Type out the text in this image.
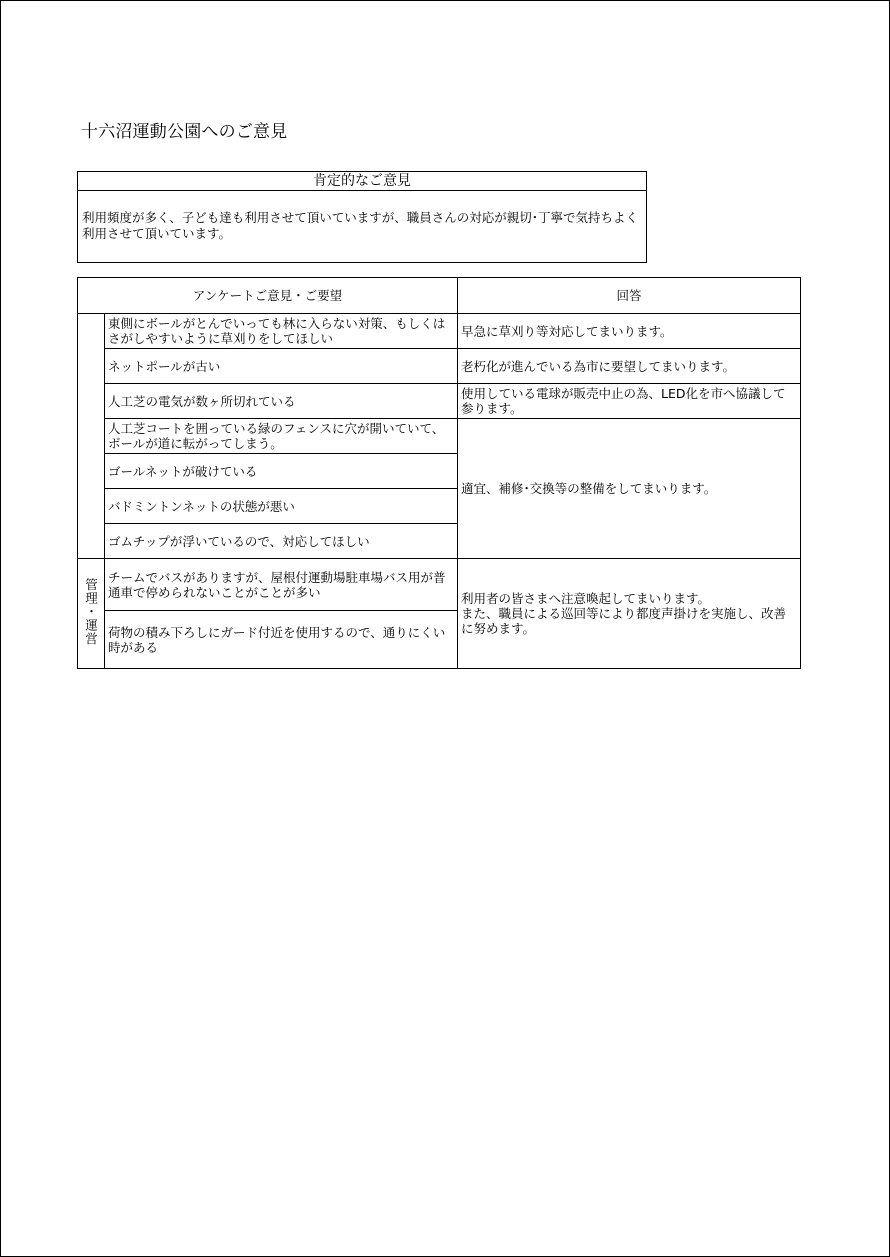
十六沼運動公園へのご意見
肯定的なご意見
利用頻度が多く、子ども達も利用させて頂いていますが、職員さんの対応が親切･丁寧で気持ちよく利用させて頂いています。
アンケートご意見・ご要望		回答
	東側にボールがとんでいっても林に入らない対策、もしくはさがしやすいように草刈りをしてほしい	早急に草刈り等対応してまいります。
	ネットポールが古い	老朽化が進んでいる為市に要望してまいります。
	人工芝の電気が数ヶ所切れている	使用している電球が販売中止の為、LED化を市へ協議して参ります。
	人工芝コートを囲っている緑のフェンスに穴が開いていて、ボールが道に転がってしまう。	適宜、補修･交換等の整備をしてまいります。
	ゴールネットが破けている	
	バドミントンネットの状態が悪い	
	ゴムチップが浮いているので、対応してほしい	
管理・運営	チームでバスがありますが、屋根付運動場駐車場バス用が普通車で停められないことがことが多い	利用者の皆さまへ注意喚起してまいります。
また、職員による巡回等により都度声掛けを実施し、改善に努めます。

	荷物の積み下ろしにガード付近を使用するので、通りにくい時がある	
